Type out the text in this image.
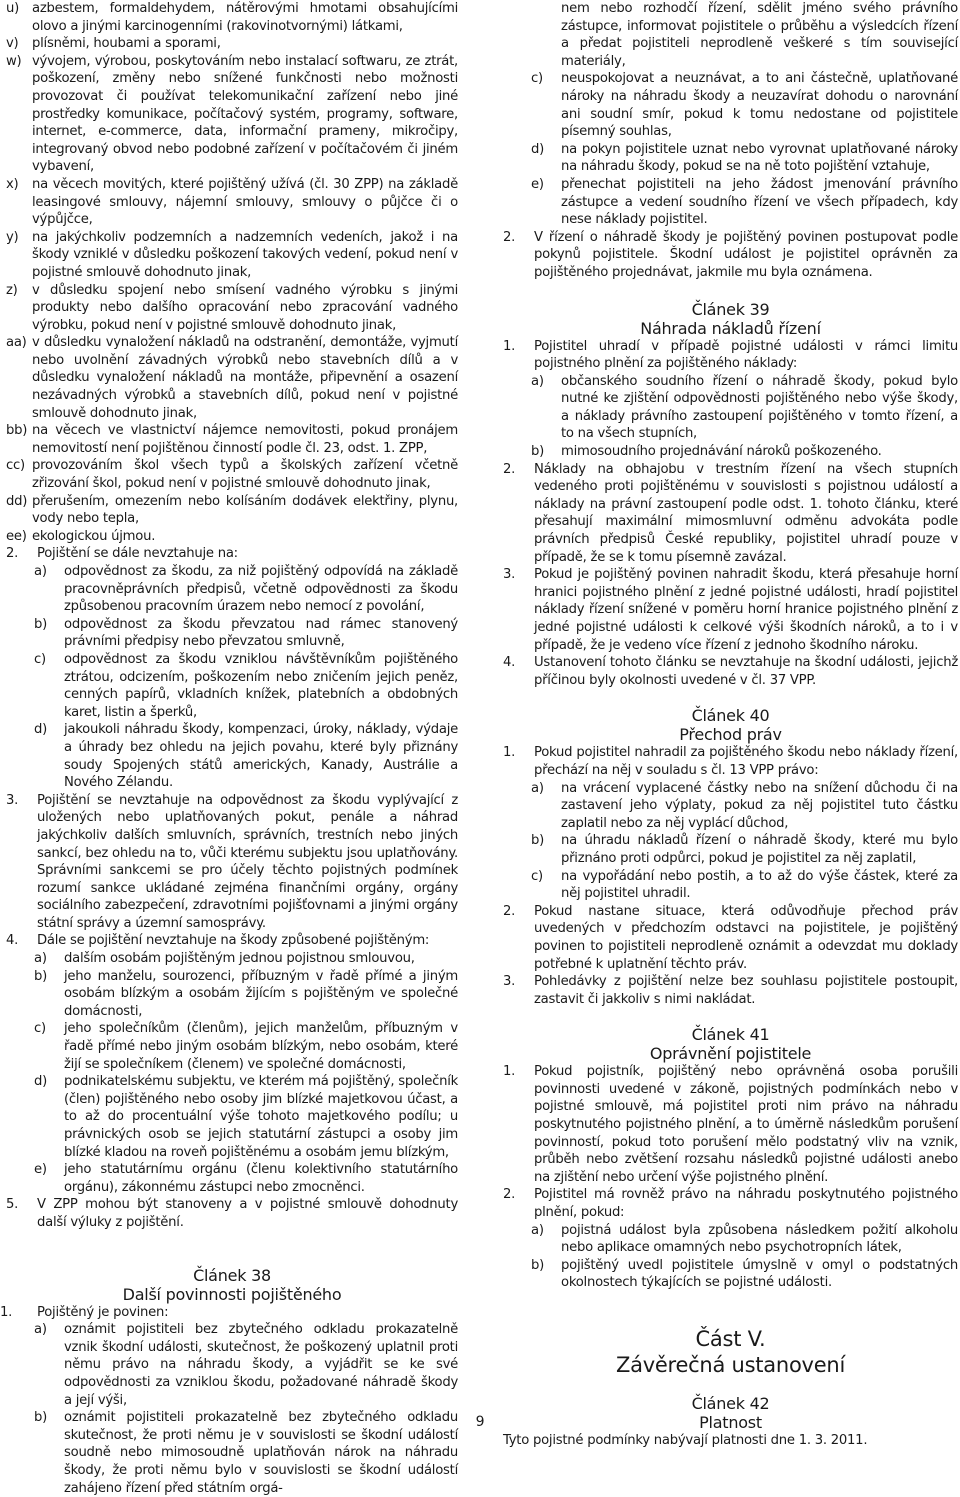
u) azbestem, formaldehydem, nátěrovými hmotami obsahujícími olovo a jinými karcinogenními (rakovinotvornými) látkami,
v) plísněmi, houbami a sporami,
w) vývojem, výrobou, poskytováním nebo instalací softwaru, ze ztrát, poškození, změny nebo snížené funkčnosti nebo možnosti provozovat či používat telekomunikační zařízení nebo jiné prostředky komunikace, počítačový systém, programy, software, internet, e-commerce, data, informační prameny, mikročipy, integrovaný obvod nebo podobné zařízení v počítačovém či jiném vybavení,
x) na věcech movitých, které pojištěný užívá (čl. 30 ZPP) na základě leasingové smlouvy, nájemní smlouvy, smlouvy o půjčce či o výpůjčce,
y) na jakýchkoliv podzemních a nadzemních vedeních, jakož i na škody vzniklé v důsledku poškození takových vedení, pokud není v pojistné smlouvě dohodnuto jinak,
z) v důsledku spojení nebo smísení vadného výrobku s jinými produkty nebo dalšího opracování nebo zpracování vadného výrobku, pokud není v pojistné smlouvě dohodnuto jinak,
aa) v důsledku vynaložení nákladů na odstranění, demontáže, vyjmutí nebo uvolnění závadných výrobků nebo stavebních dílů a v důsledku vynaložení nákladů na montáže, připevnění a osazení nezávadných výrobků a stavebních dílů, pokud není v pojistné smlouvě dohodnuto jinak,
bb) na věcech ve vlastnictví nájemce nemovitosti, pokud pronájem nemovitostí není pojištěnou činností podle čl. 23, odst. 1. ZPP,
cc) provozováním škol všech typů a školských zařízení včetně zřizování škol, pokud není v pojistné smlouvě dohodnuto jinak,
dd) přerušením, omezením nebo kolísáním dodávek elektřiny, plynu, vody nebo tepla,
ee) ekologickou újmou.
2. Pojištění se dále nevztahuje na:
a) odpovědnost za škodu, za niž pojištěný odpovídá na základě pracovněprávních předpisů, včetně odpovědnosti za škodu způsobenou pracovním úrazem nebo nemocí z povolání,
b) odpovědnost za škodu převzatou nad rámec stanovený právními předpisy nebo převzatou smluvně,
c) odpovědnost za škodu vzniklou návštěvníkům pojištěného ztrátou, odcizením, poškozením nebo zničením jejich peněz, cenných papírů, vkladních knížek, platebních a obdobných karet, listin a šperků,
d) jakoukoli náhradu škody, kompenzaci, úroky, náklady, výdaje a úhrady bez ohledu na jejich povahu, které byly přiznány soudy Spojených států amerických, Kanady, Austrálie a Nového Zélandu.
3. Pojištění se nevztahuje na odpovědnost za škodu vyplývající z uložených nebo uplatňovaných pokut, penále a náhrad jakýchkoliv dalších smluvních, správních, trestních nebo jiných sankcí, bez ohledu na to, vůči kterému subjektu jsou uplatňovány. Správními sankcemi se pro účely těchto pojistných podmínek rozumí sankce ukládané zejména finančními orgány, orgány sociálního zabezpečení, zdravotními pojišťovnami a jinými orgány státní správy a územní samosprávy.
4. Dále se pojištění nevztahuje na škody způsobené pojištěným:
a) dalším osobám pojištěným jednou pojistnou smlouvou,
b) jeho manželu, sourozenci, příbuzným v řadě přímé a jiným osobám blízkým a osobám žijícím s pojištěným ve společné domácnosti,
c) jeho společníkům (členům), jejich manželům, příbuzným v řadě přímé nebo jiným osobám blízkým, nebo osobám, které žijí se společníkem (členem) ve společné domácnosti,
d) podnikatelskému subjektu, ve kterém má pojištěný, společník (člen) pojištěného nebo osoby jim blízké majetkovou účast, a to až do procentuální výše tohoto majetkového podílu; u právnických osob se jejich statutární zástupci a osoby jim blízké kladou na roveň pojištěnému a osobám jemu blízkým,
e) jeho statutárnímu orgánu (členu kolektivního statutárního orgánu), zákonnému zástupci nebo zmocněnci.
5. V ZPP mohou být stanoveny a v pojistné smlouvě dohodnuty další výluky z pojištění.

Článek 38

Další povinnosti pojištěného

1. Pojištěný je povinen:
a) oznámit pojistiteli bez zbytečného odkladu prokazatelně vznik škodní události, skutečnost, že poškozený uplatnil proti němu právo na náhradu škody, a vyjádřit se ke své odpovědnosti za vzniklou škodu, požadované náhradě škody a její výši,
b) oznámit pojistiteli prokazatelně bez zbytečného odkladu skutečnost, že proti němu je v souvislosti se škodní událostí soudně nebo mimosoudně uplatňován nárok na náhradu škody, že proti němu bylo v souvislosti se škodní událostí zahájeno řízení před státním orgá-
nem nebo rozhodčí řízení, sdělit jméno svého právního zástupce, informovat pojistitele o průběhu a výsledcích řízení a předat pojistiteli neprodleně veškeré s tím související materiály,
c) neuspokojovat a neuznávat, a to ani částečně, uplatňované nároky na náhradu škody a neuzavírat dohodu o narovnání ani soudní smír, pokud k tomu nedostane od pojistitele písemný souhlas,
d) na pokyn pojistitele uznat nebo vyrovnat uplatňované nároky na náhradu škody, pokud se na ně toto pojištění vztahuje,
e) přenechat pojistiteli na jeho žádost jmenování právního zástupce a vedení soudního řízení ve všech případech, kdy nese náklady pojistitel.
2. V řízení o náhradě škody je pojištěný povinen postupovat podle pokynů pojistitele. Škodní událost je pojistitel oprávněn za pojištěného projednávat, jakmile mu byla oznámena.

Článek 39

Náhrada nákladů řízení

1. Pojistitel uhradí v případě pojistné události v rámci limitu pojistného plnění za pojištěného náklady:
a) občanského soudního řízení o náhradě škody, pokud bylo nutné ke zjištění odpovědnosti pojištěného nebo výše škody, a náklady právního zastoupení pojištěného v tomto řízení, a to na všech stupních,
b) mimosoudního projednávání nároků poškozeného.
2. Náklady na obhajobu v trestním řízení na všech stupních vedeného proti pojištěnému v souvislosti s pojistnou událostí a náklady na právní zastoupení podle odst. 1. tohoto článku, které přesahují maximální mimosmluvní odměnu advokáta podle právních předpisů České republiky, pojistitel uhradí pouze v případě, že se k tomu písemně zavázal.
3. Pokud je pojištěný povinen nahradit škodu, která přesahuje horní hranici pojistného plnění z jedné pojistné události, hradí pojistitel náklady řízení snížené v poměru horní hranice pojistného plnění z jedné pojistné události k celkové výši škodních nároků, a to i v případě, že je vedeno více řízení z jednoho škodního nároku.
4. Ustanovení tohoto článku se nevztahuje na škodní události, jejichž příčinou byly okolnosti uvedené v čl. 37 VPP.

Článek 40

Přechod práv

1. Pokud pojistitel nahradil za pojištěného škodu nebo náklady řízení, přechází na něj v souladu s čl. 13 VPP právo:
a) na vrácení vyplacené částky nebo na snížení důchodu či na zastavení jeho výplaty, pokud za něj pojistitel tuto částku zaplatil nebo za něj vyplácí důchod,
b) na úhradu nákladů řízení o náhradě škody, které mu bylo přiznáno proti odpůrci, pokud je pojistitel za něj zaplatil,
c) na vypořádání nebo postih, a to až do výše částek, které za něj pojistitel uhradil.
2. Pokud nastane situace, která odůvodňuje přechod práv uvedených v předchozím odstavci na pojistitele, je pojištěný povinen to pojistiteli neprodleně oznámit a odevzdat mu doklady potřebné k uplatnění těchto práv.
3. Pohledávky z pojištění nelze bez souhlasu pojistitele postoupit, zastavit či jakkoliv s nimi nakládat.

Článek 41

Oprávnění pojistitele

1. Pokud pojistník, pojištěný nebo oprávněná osoba porušili povinnosti uvedené v zákoně, pojistných podmínkách nebo v pojistné smlouvě, má pojistitel proti nim právo na náhradu poskytnutého pojistného plnění, a to úměrně následkům porušení povinností, pokud toto porušení mělo podstatný vliv na vznik, průběh nebo zvětšení rozsahu následků pojistné události anebo na zjištění nebo určení výše pojistného plnění.
2. Pojistitel má rovněž právo na náhradu poskytnutého pojistného plnění, pokud:
a) pojistná událost byla způsobena následkem požití alkoholu nebo aplikace omamných nebo psychotropních látek,
b) pojištěný uvedl pojistitele úmyslně v omyl o podstatných okolnostech týkajících se pojistné události.

Část V.

Závěrečná ustanovení

Článek 42

Platnost

Tyto pojistné podmínky nabývají platnosti dne 1. 3. 2011.

9
